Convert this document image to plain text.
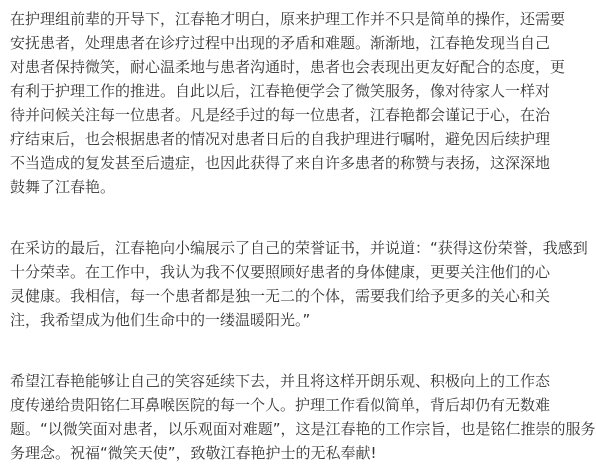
在护理组前辈的开导下，江春艳才明白，原来护理工作并不只是简单的操作，还需要
安抚患者，处理患者在诊疗过程中出现的矛盾和难题。渐渐地，江春艳发现当自己
对患者保持微笑，耐心温柔地与患者沟通时，患者也会表现出更友好配合的态度，更
有利于护理工作的推进。自此以后，江春艳便学会了微笑服务，像对待家人一样对
待并问候关注每一位患者。凡是经手过的每一位患者，江春艳都会谨记于心，在治
疗结束后，也会根据患者的情况对患者日后的自我护理进行嘱咐，避免因后续护理
不当造成的复发甚至后遗症，也因此获得了来自许多患者的称赞与表扬，这深深地
鼓舞了江春艳。
在采访的最后，江春艳向小编展示了自己的荣誉证书，并说道：“获得这份荣誉，我感到
十分荣幸。在工作中，我认为我不仅要照顾好患者的身体健康，更要关注他们的心
灵健康。我相信，每一个患者都是独一无二的个体，需要我们给予更多的关心和关
注，我希望成为他们生命中的一缕温暖阳光。”
希望江春艳能够让自己的笑容延续下去，并且将这样开朗乐观、积极向上的工作态
度传递给贵阳铭仁耳鼻喉医院的每一个人。护理工作看似简单，背后却仍有无数难
题。“以微笑面对患者，以乐观面对难题”，这是江春艳的工作宗旨，也是铭仁推崇的服务
务理念。祝福“微笑天使”，致敬江春艳护士的无私奉献!
